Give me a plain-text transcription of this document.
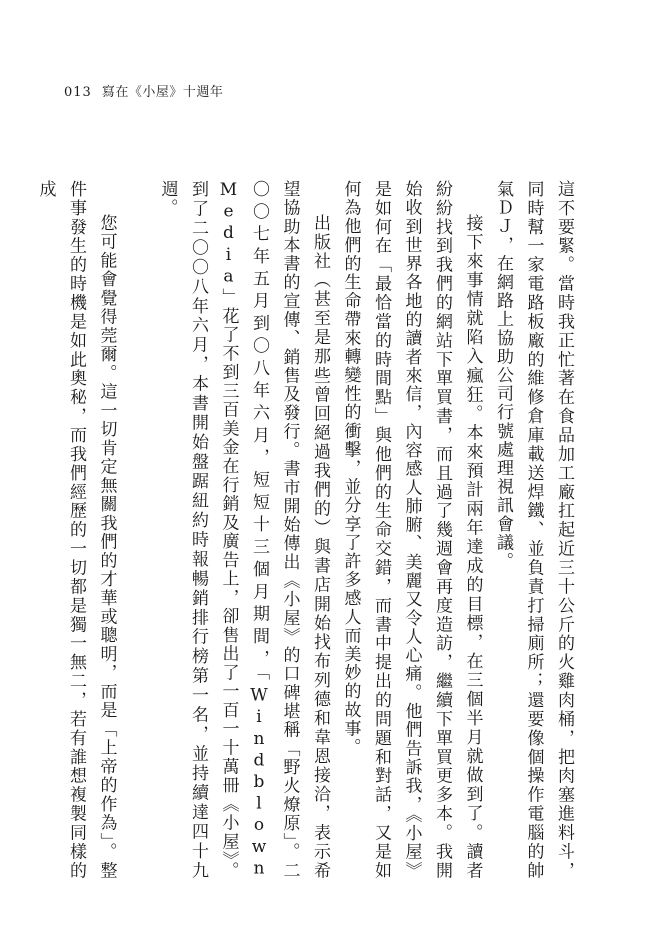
013 寫在《小屋》十週年

這不要緊。當時我正忙著在食品加工廠扛起近三十公斤的火雞肉桶，把肉塞進料斗，同時幫一家電路板廠的維修倉庫載送焊鐵、並負責打掃廁所；還要像個操作電腦的帥氣ＤＪ，在網路上協助公司行號處理視訊會議。

接下來事情就陷入瘋狂。本來預計兩年達成的目標，在三個半月就做到了。讀者紛紛找到我們的網站下單買書，而且過了幾週會再度造訪，繼續下單買更多本。我開始收到世界各地的讀者來信，內容感人肺腑、美麗又令人心痛。他們告訴我，《小屋》是如何在「最恰當的時間點」與他們的生命交錯，而書中提出的問題和對話，又是如何為他們的生命帶來轉變性的衝擊，並分享了許多感人而美妙的故事。

出版社（甚至是那些曾回絕過我們的）與書店開始找布列德和韋恩接洽，表示希望協助本書的宣傳、銷售及發行。書市開始傳出《小屋》的口碑堪稱「野火燎原」。二〇〇七年五月到〇八年六月，短短十三個月期間，「Windblown Media」花了不到三百美金在行銷及廣告上，卻售出了一百一十萬冊《小屋》。到了二〇〇八年六月，本書開始盤踞紐約時報暢銷排行榜第一名，並持續達四十九週。

您可能會覺得莞爾。這一切肯定無關我們的才華或聰明，而是「上帝的作為」。整件事發生的時機是如此奧秘，而我們經歷的一切都是獨一無二，若有誰想複製同樣的成
